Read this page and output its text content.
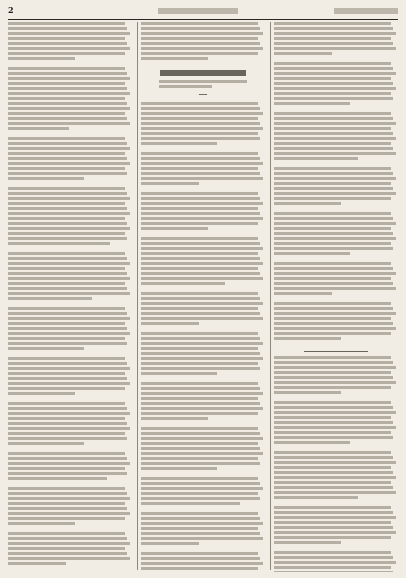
2
—
